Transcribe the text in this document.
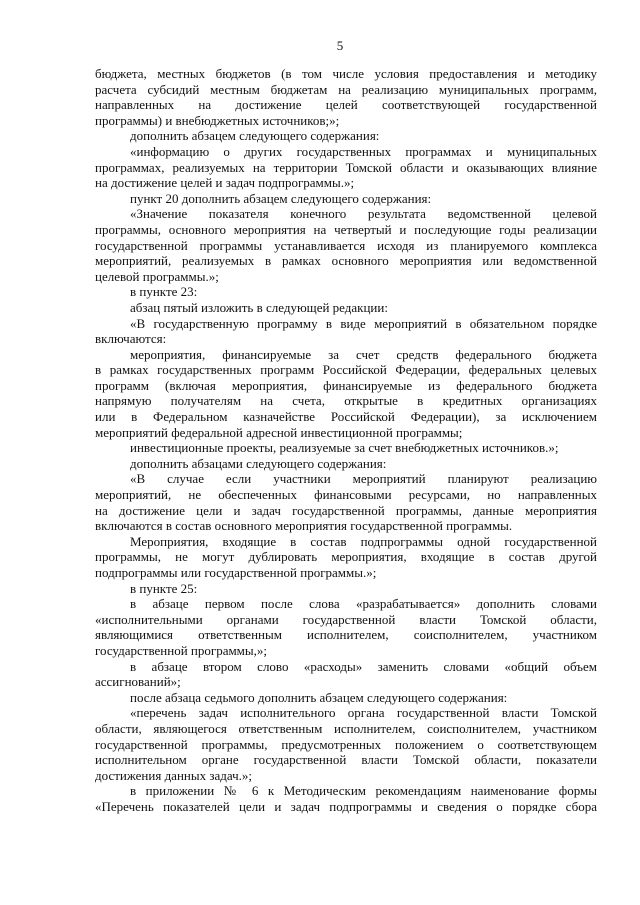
5
бюджета, местных бюджетов (в том числе условия предоставления и методику
расчета субсидий местным бюджетам на реализацию муниципальных программ,
направленных на достижение целей соответствующей государственной
программы) и внебюджетных источников;»;
дополнить абзацем следующего содержания:
«информацию о других государственных программах и муниципальных
программах, реализуемых на территории Томской области и оказывающих влияние
на достижение целей и задач подпрограммы.»;
пункт 20 дополнить абзацем следующего содержания:
«Значение показателя конечного результата ведомственной целевой
программы, основного мероприятия на четвертый и последующие годы реализации
государственной программы устанавливается исходя из планируемого комплекса
мероприятий, реализуемых в рамках основного мероприятия или ведомственной
целевой программы.»;
в пункте 23:
абзац пятый изложить в следующей редакции:
«В государственную программу в виде мероприятий в обязательном порядке
включаются:
мероприятия, финансируемые за счет средств федерального бюджета
в рамках государственных программ Российской Федерации, федеральных целевых
программ (включая мероприятия, финансируемые из федерального бюджета
напрямую получателям на счета, открытые в кредитных организациях
или в Федеральном казначействе Российской Федерации), за исключением
мероприятий федеральной адресной инвестиционной программы;
инвестиционные проекты, реализуемые за счет внебюджетных источников.»;
дополнить абзацами следующего содержания:
«В случае если участники мероприятий планируют реализацию
мероприятий, не обеспеченных финансовыми ресурсами, но направленных
на достижение цели и задач государственной программы, данные мероприятия
включаются в состав основного мероприятия государственной программы.
Мероприятия, входящие в состав подпрограммы одной государственной
программы, не могут дублировать мероприятия, входящие в состав другой
подпрограммы или государственной программы.»;
в пункте 25:
в абзаце первом после слова «разрабатывается» дополнить словами
«исполнительными органами государственной власти Томской области,
являющимися ответственным исполнителем, соисполнителем, участником
государственной программы,»;
в абзаце втором слово «расходы» заменить словами «общий объем
ассигнований»;
после абзаца седьмого дополнить абзацем следующего содержания:
«перечень задач исполнительного органа государственной власти Томской
области, являющегося ответственным исполнителем, соисполнителем, участником
государственной программы, предусмотренных положением о соответствующем
исполнительном органе государственной власти Томской области, показатели
достижения данных задач.»;
в приложении № 6 к Методическим рекомендациям наименование формы
«Перечень показателей цели и задач подпрограммы и сведения о порядке сбора
